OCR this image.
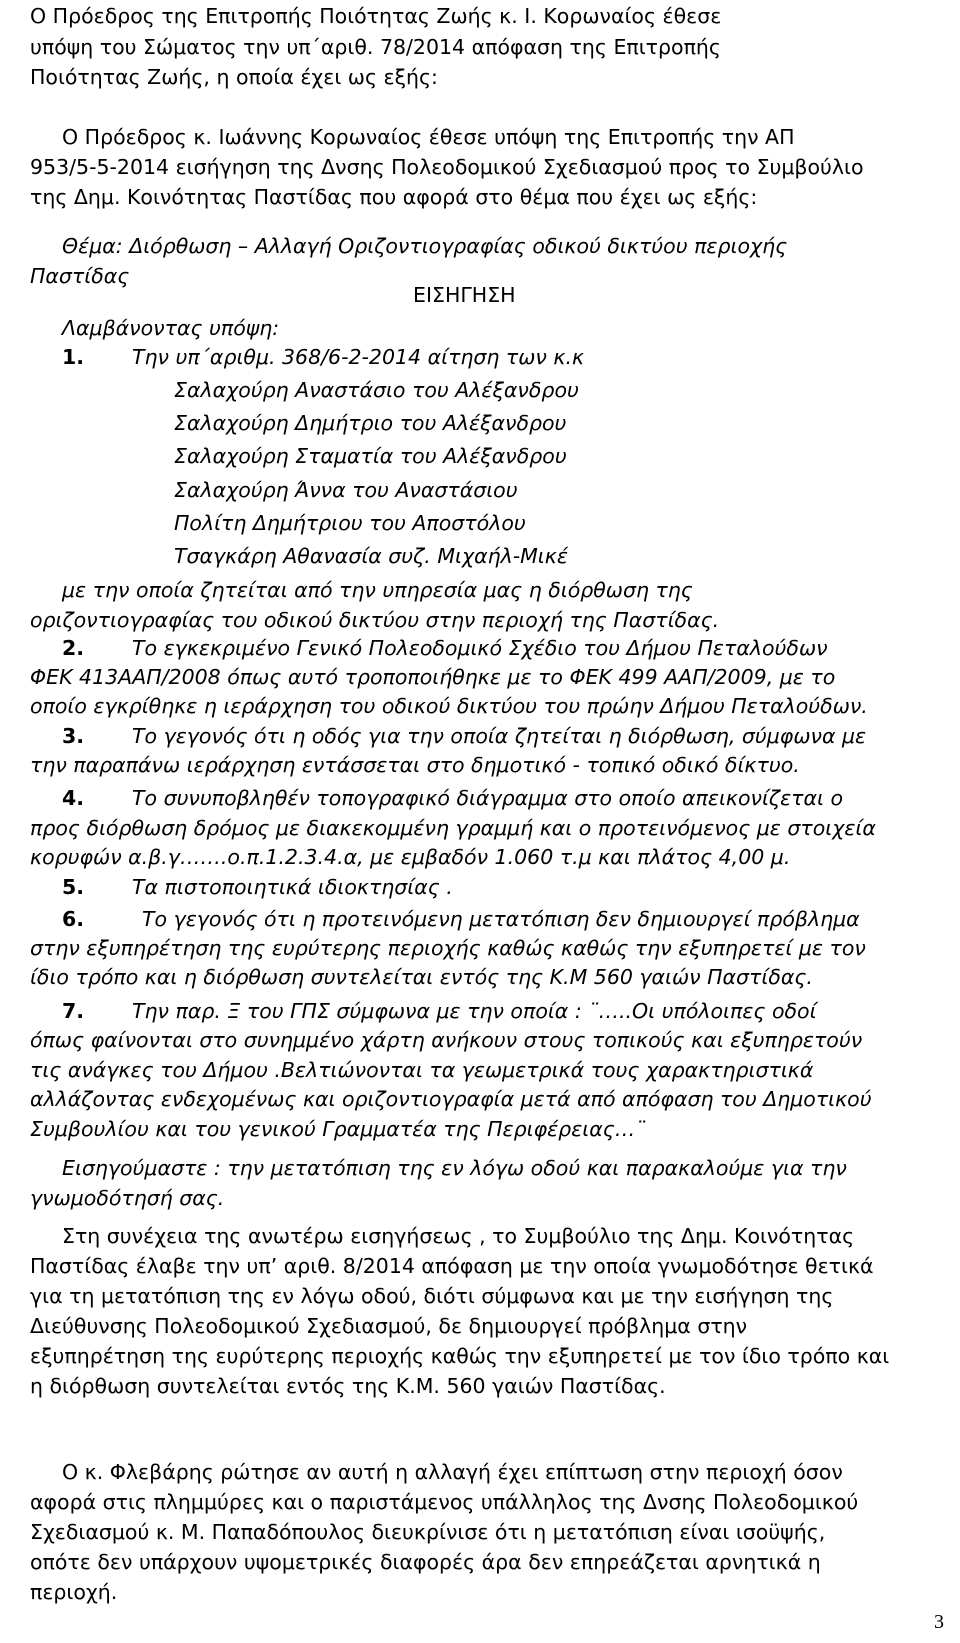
Ο Πρόεδρος της Επιτροπής Ποιότητας Ζωής κ. Ι. Κορωναίος έθεσε
υπόψη του Σώματος την υπ΄αριθ. 78/2014 απόφαση της Επιτροπής
Ποιότητας Ζωής, η οποία έχει ως εξής:
Ο Πρόεδρος κ. Ιωάννης Κορωναίος έθεσε υπόψη της Επιτροπής την ΑΠ
953/5-5-2014 εισήγηση της Δνσης Πολεοδομικού Σχεδιασμού προς το Συμβούλιο
της Δημ. Κοινότητας Παστίδας που αφορά στο θέμα που έχει ως εξής:
Θέμα: Διόρθωση – Αλλαγή Οριζοντιογραφίας οδικού δικτύου περιοχής
Παστίδας
ΕΙΣΗΓΗΣΗ
Λαμβάνοντας υπόψη:
1. Την υπ΄αριθμ. 368/6-2-2014 αίτηση των κ.κ
Σαλαχούρη Αναστάσιο του Αλέξανδρου
Σαλαχούρη Δημήτριο του Αλέξανδρου
Σαλαχούρη Σταματία του Αλέξανδρου
Σαλαχούρη Άννα του Αναστάσιου
Πολίτη Δημήτριου του Αποστόλου
Τσαγκάρη Αθανασία συζ. Μιχαήλ-Μικέ
με την οποία ζητείται από την υπηρεσία μας η διόρθωση της
οριζοντιογραφίας του οδικού δικτύου στην περιοχή της Παστίδας.
2. Το εγκεκριμένο Γενικό Πολεοδομικό Σχέδιο του Δήμου Πεταλούδων
ΦΕΚ 413ΑΑΠ/2008 όπως αυτό τροποποιήθηκε με το ΦΕΚ 499 ΑΑΠ/2009, με το
οποίο εγκρίθηκε η ιεράρχηση του οδικού δικτύου του πρώην Δήμου Πεταλούδων.
3. Το γεγονός ότι η οδός για την οποία ζητείται η διόρθωση, σύμφωνα με
την παραπάνω ιεράρχηση εντάσσεται στο δημοτικό - τοπικό οδικό δίκτυο.
4. Το συνυποβληθέν τοπογραφικό διάγραμμα στο οποίο απεικονίζεται ο
προς διόρθωση δρόμος με διακεκομμένη γραμμή και ο προτεινόμενος με στοιχεία
κορυφών α.β.γ…….ο.π.1.2.3.4.α, με εμβαδόν 1.060 τ.μ και πλάτος 4,00 μ.
5. Τα πιστοποιητικά ιδιοκτησίας .
6.	Το γεγονός ότι η προτεινόμενη μετατόπιση δεν δημιουργεί πρόβλημα
στην εξυπηρέτηση της ευρύτερης περιοχής καθώς καθώς την εξυπηρετεί με τον
ίδιο τρόπο και η διόρθωση συντελείται εντός της Κ.Μ 560 γαιών Παστίδας.
7. Την παρ. Ξ του ΓΠΣ σύμφωνα με την οποία : ¨…..Οι υπόλοιπες οδοί
όπως φαίνονται στο συνημμένο χάρτη ανήκουν στους τοπικούς και εξυπηρετούν
τις ανάγκες του Δήμου .Βελτιώνονται τα γεωμετρικά τους χαρακτηριστικά
αλλάζοντας ενδεχομένως και οριζοντιογραφία μετά από απόφαση του Δημοτικού
Συμβουλίου και του γενικού Γραμματέα της Περιφέρειας…¨
Εισηγούμαστε : την μετατόπιση της εν λόγω οδού και παρακαλούμε για την
γνωμοδότησή σας.
Στη συνέχεια της ανωτέρω εισηγήσεως , το Συμβούλιο της Δημ. Κοινότητας
Παστίδας έλαβε την υπ’ αριθ. 8/2014 απόφαση με την οποία γνωμοδότησε θετικά
για τη μετατόπιση της εν λόγω οδού, διότι σύμφωνα και με την εισήγηση της
Διεύθυνσης Πολεοδομικού Σχεδιασμού, δε δημιουργεί πρόβλημα στην
εξυπηρέτηση της ευρύτερης περιοχής καθώς την εξυπηρετεί με τον ίδιο τρόπο και
η διόρθωση συντελείται εντός της Κ.Μ. 560 γαιών Παστίδας.
Ο κ. Φλεβάρης ρώτησε αν αυτή η αλλαγή έχει επίπτωση στην περιοχή όσον
αφορά στις πλημμύρες και ο παριστάμενος υπάλληλος της Δνσης Πολεοδομικού
Σχεδιασμού κ. Μ. Παπαδόπουλος διευκρίνισε ότι η μετατόπιση είναι ισοϋψής,
οπότε δεν υπάρχουν υψομετρικές διαφορές άρα δεν επηρεάζεται αρνητικά η
περιοχή.
3
